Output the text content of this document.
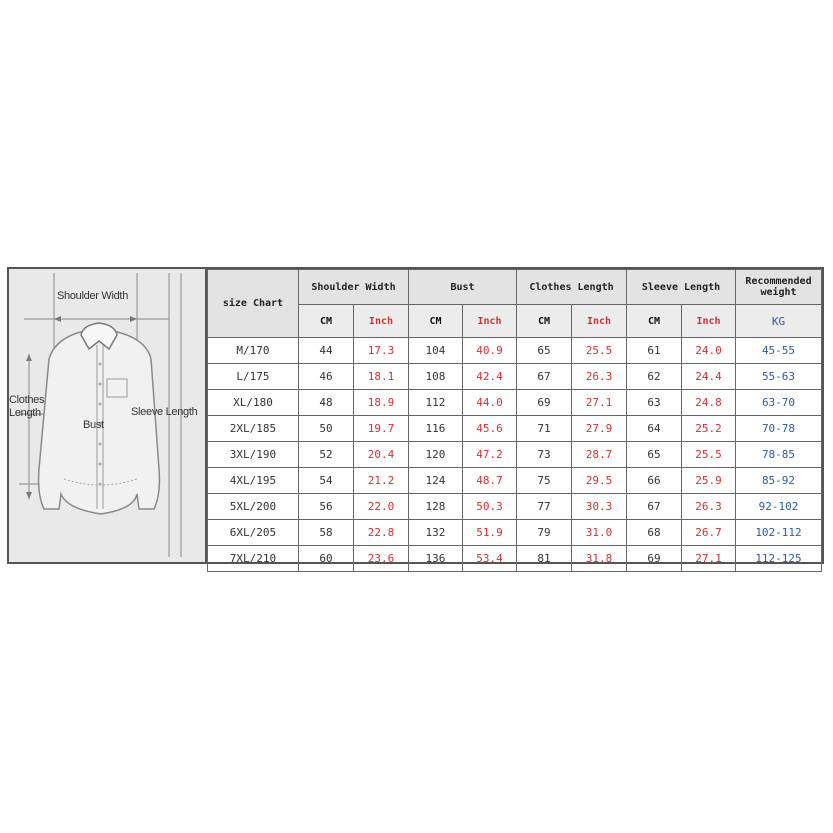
Shoulder Width
Clothes
Length
Bust
Sleeve Length
size Chart	Shoulder Width		Bust		Clothes Length		Sleeve Length		Recommended
weight
	CM	Inch	CM	Inch	CM	Inch	CM	Inch	KG
M/170	44	17.3	104	40.9	65	25.5	61	24.0	45-55
L/175	46	18.1	108	42.4	67	26.3	62	24.4	55-63
XL/180	48	18.9	112	44.0	69	27.1	63	24.8	63-70
2XL/185	50	19.7	116	45.6	71	27.9	64	25.2	70-78
3XL/190	52	20.4	120	47.2	73	28.7	65	25.5	78-85
4XL/195	54	21.2	124	48.7	75	29.5	66	25.9	85-92
5XL/200	56	22.0	128	50.3	77	30.3	67	26.3	92-102
6XL/205	58	22.8	132	51.9	79	31.0	68	26.7	102-112
7XL/210	60	23.6	136	53.4	81	31.8	69	27.1	112-125
